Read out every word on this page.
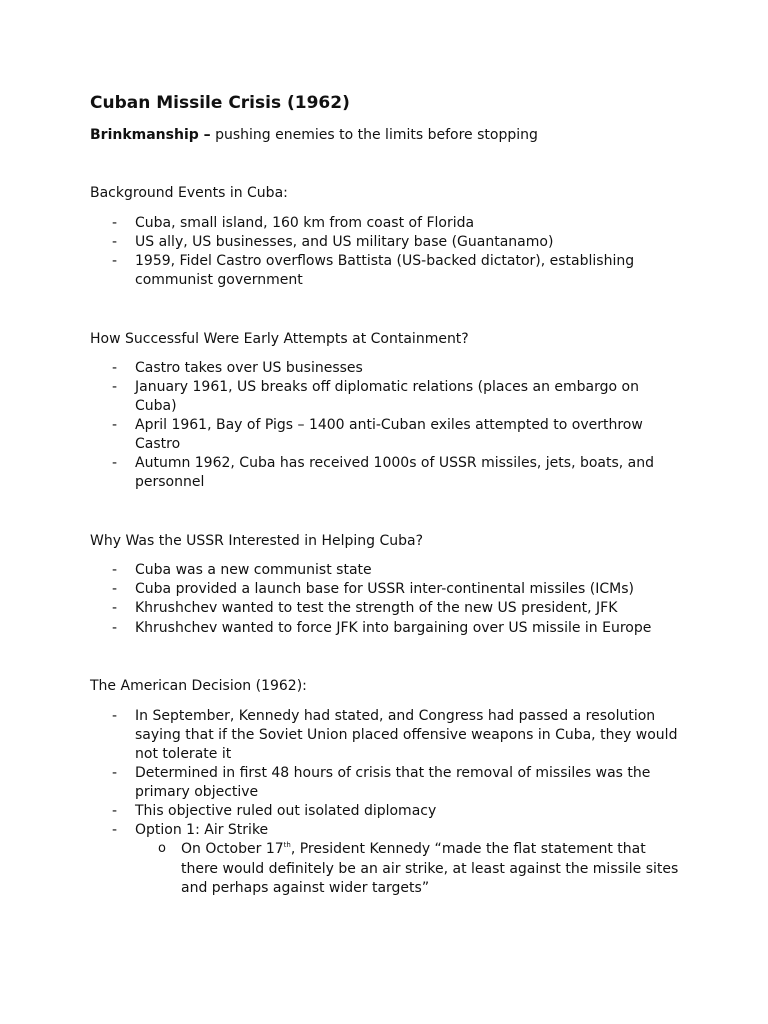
Cuban Missile Crisis (1962)
Brinkmanship – pushing enemies to the limits before stopping
Background Events in Cuba:
- Cuba, small island, 160 km from coast of Florida
- US ally, US businesses, and US military base (Guantanamo)
- 1959, Fidel Castro overflows Battista (US-backed dictator), establishing
communist government
How Successful Were Early Attempts at Containment?
- Castro takes over US businesses
- January 1961, US breaks off diplomatic relations (places an embargo on
Cuba)
- April 1961, Bay of Pigs – 1400 anti-Cuban exiles attempted to overthrow
Castro
- Autumn 1962, Cuba has received 1000s of USSR missiles, jets, boats, and
personnel
Why Was the USSR Interested in Helping Cuba?
- Cuba was a new communist state
- Cuba provided a launch base for USSR inter-continental missiles (ICMs)
- Khrushchev wanted to test the strength of the new US president, JFK
- Khrushchev wanted to force JFK into bargaining over US missile in Europe
The American Decision (1962):
- In September, Kennedy had stated, and Congress had passed a resolution
saying that if the Soviet Union placed offensive weapons in Cuba, they would
not tolerate it
- Determined in first 48 hours of crisis that the removal of missiles was the
primary objective
- This objective ruled out isolated diplomacy
- Option 1: Air Strike
o On October 17th, President Kennedy “made the flat statement that
there would definitely be an air strike, at least against the missile sites
and perhaps against wider targets”
